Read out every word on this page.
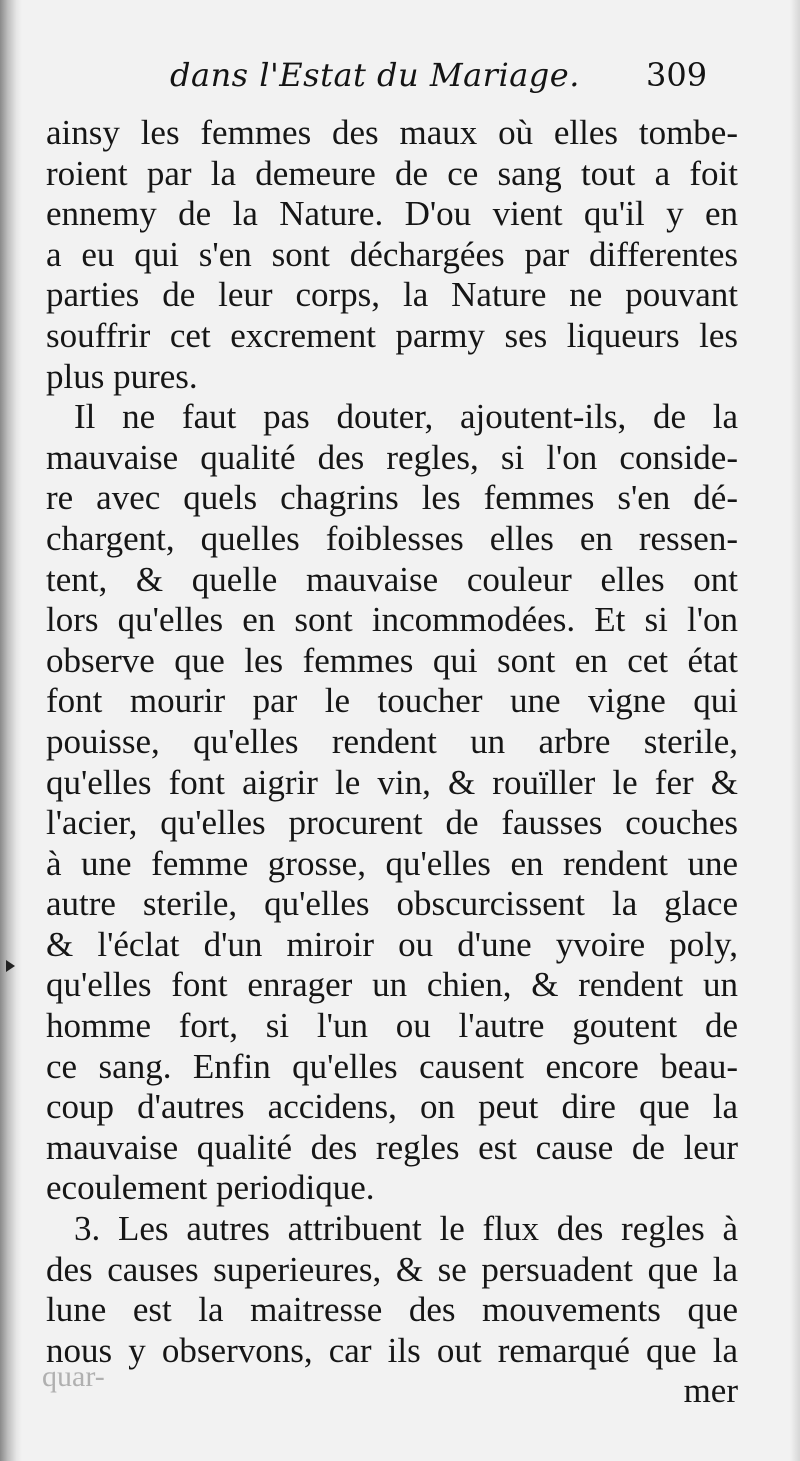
dans l'Estat du Mariage. 309
ainsy les femmes des maux où elles tombe-
roient par la demeure de ce sang tout a foit
ennemy de la Nature. D'ou vient qu'il y en
a eu qui s'en sont déchargées par differentes
parties de leur corps, la Nature ne pouvant
souffrir cet excrement parmy ses liqueurs les
plus pures.
Il ne faut pas douter, ajoutent-ils, de la
mauvaise qualité des regles, si l'on conside-
re avec quels chagrins les femmes s'en dé-
chargent, quelles foiblesses elles en ressen-
tent, & quelle mauvaise couleur elles ont
lors qu'elles en sont incommodées. Et si l'on
observe que les femmes qui sont en cet état
font mourir par le toucher une vigne qui
pouisse, qu'elles rendent un arbre sterile,
qu'elles font aigrir le vin, & rouïller le fer &
l'acier, qu'elles procurent de fausses couches
à une femme grosse, qu'elles en rendent une
autre sterile, qu'elles obscurcissent la glace
& l'éclat d'un miroir ou d'une yvoire poly,
qu'elles font enrager un chien, & rendent un
homme fort, si l'un ou l'autre goutent de
ce sang. Enfin qu'elles causent encore beau-
coup d'autres accidens, on peut dire que la
mauvaise qualité des regles est cause de leur
ecoulement periodique.
3. Les autres attribuent le flux des regles à
des causes superieures, & se persuadent que la
lune est la maitresse des mouvements que
nous y observons, car ils out remarqué que la
mer
quar-
